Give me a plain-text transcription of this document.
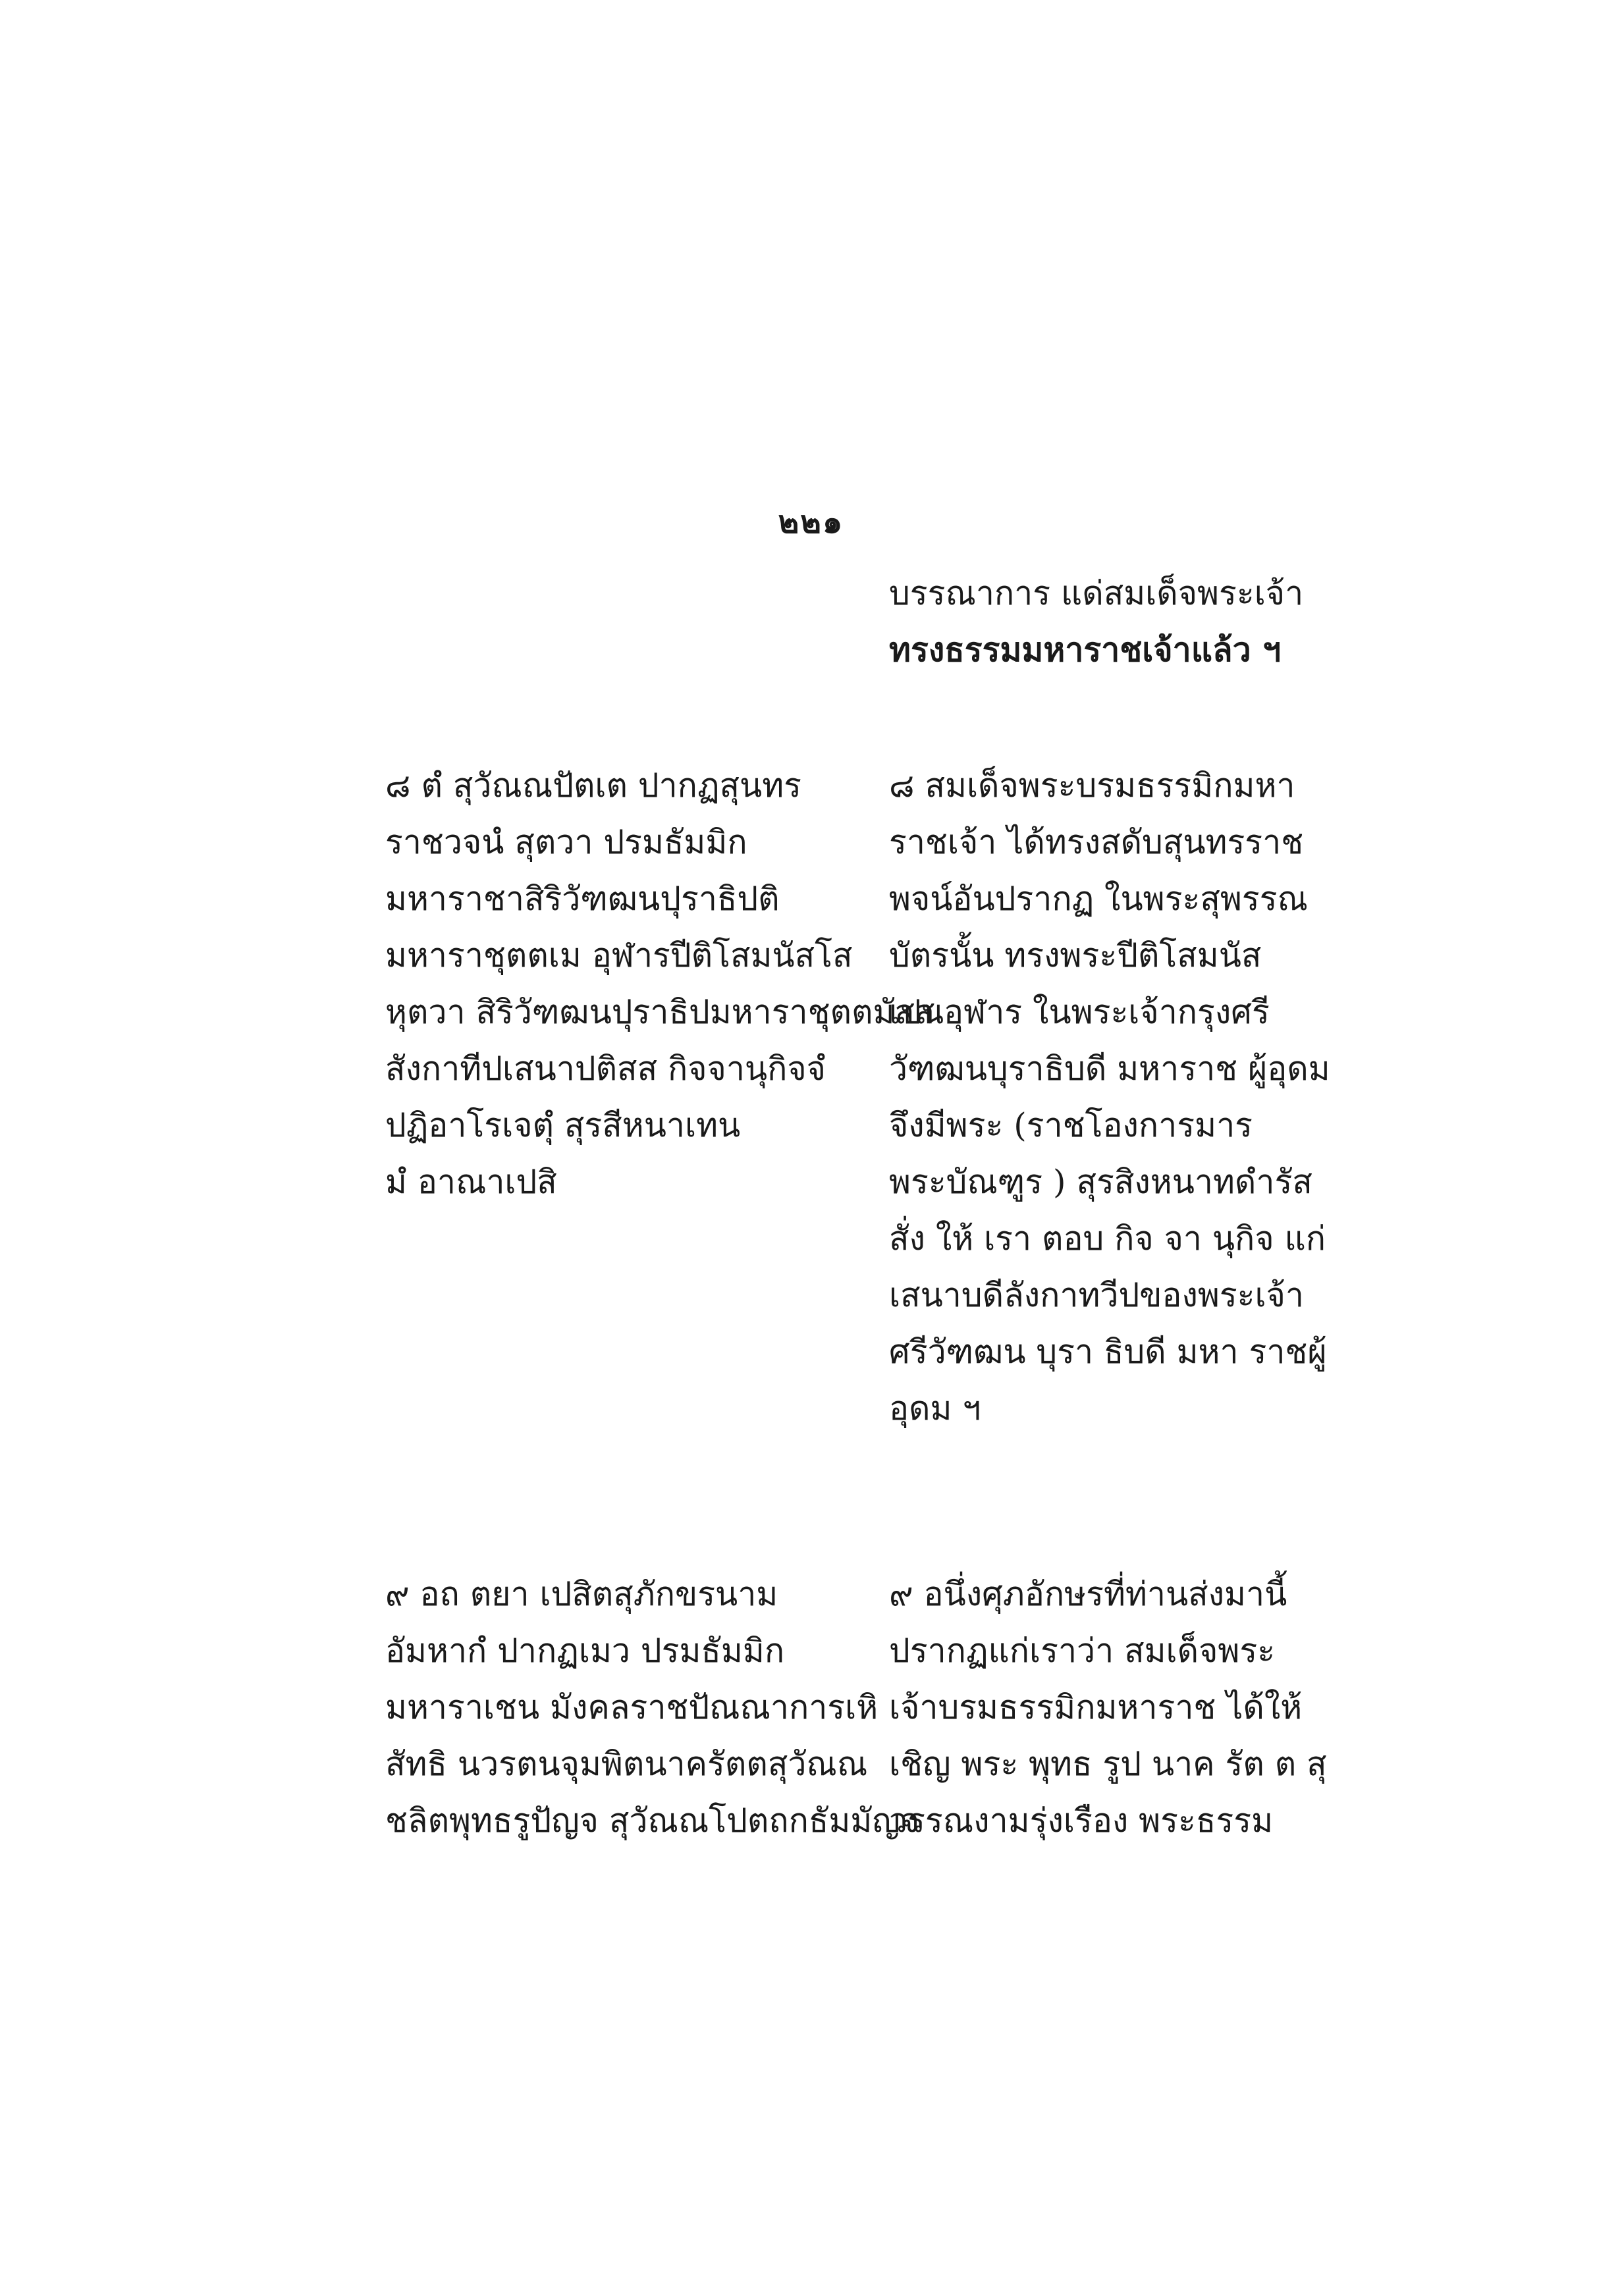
๒๒๑
บรรณาการ แด่สมเด็จพระเจ้า
ทรงธรรมมหาราชเจ้าแล้ว ฯ
๘ ตํ สุวัณณปัตเต ปากฏสุนทร
ราชวจนํ สุตวา ปรมธัมมิก
มหาราชาสิริวัฑฒนปุราธิปติ
มหาราชุตตเม อุฬารปีติโสมนัสโส
หุตวา สิริวัฑฒนปุราธิปมหาราชุตตมัสส
สังกาทีปเสนาปติสส กิจจานุกิจจํ
ปฏิอาโรเจตุํ สุรสีหนาเทน
มํ อาณาเปสิ
๘ สมเด็จพระบรมธรรมิกมหา
ราชเจ้า ได้ทรงสดับสุนทรราช
พจน์อันปรากฏ ในพระสุพรรณ
บัตรนั้น ทรงพระปีติโสมนัส
เปนอุฬาร ในพระเจ้ากรุงศรี
วัฑฒนบุราธิบดี มหาราช ผู้อุดม
จึงมีพระ (ราชโองการมาร
พระบัณฑูร ) สุรสิงหนาทดำรัส
สั่ง ให้ เรา ตอบ กิจ จา นุกิจ แก่
เสนาบดีลังกาทวีปของพระเจ้า
ศรีวัฑฒน บุรา ธิบดี มหา ราชผู้
อุดม ฯ
๙ อถ ตยา เปสิตสุภักขรนาม
อัมหากํ ปากฏเมว ปรมธัมมิก
มหาราเชน มังคลราชปัณณาการเหิ
สัทธิ นวรตนจุมพิตนาครัตตสุวัณณ
ชลิตพุทธรูปัญจ สุวัณณโปตถกธัมมัญจ
๙ อนึ่งศุภอักษรที่ท่านส่งมานี้
ปรากฏแก่เราว่า สมเด็จพระ
เจ้าบรมธรรมิกมหาราช ได้ให้
เชิญ พระ พุทธ รูป นาค รัต ต สุ
วรรณงามรุ่งเรือง พระธรรม
